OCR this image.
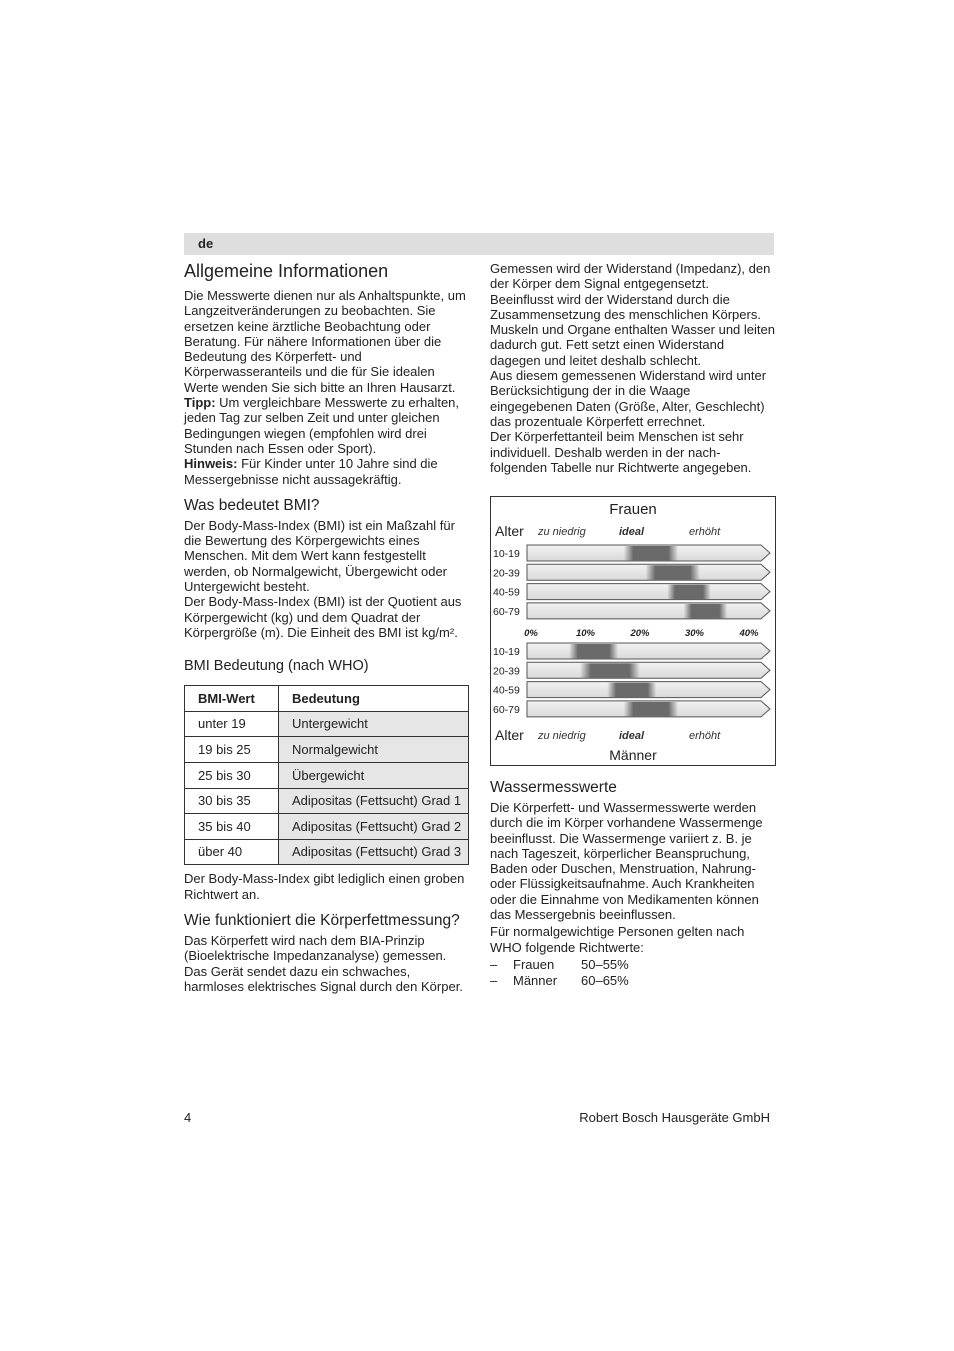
de
Allgemeine Informationen

Die Messwerte dienen nur als Anhaltspunkte, um Langzeitveränderungen zu beobachten. Sie ersetzen keine ärztliche Beobachtung oder Beratung. Für nähere Informationen über die Bedeutung des Körperfett- und Körperwasseranteils und die für Sie idealen Werte wenden Sie sich bitte an Ihren Hausarzt.

Tipp: Um vergleichbare Messwerte zu erhalten, jeden Tag zur selben Zeit und unter gleichen Bedingungen wiegen (empfohlen wird drei Stunden nach Essen oder Sport).

Hinweis: Für Kinder unter 10 Jahre sind die Messergebnisse nicht aussagekräftig.

Was bedeutet BMI?

Der Body-Mass-Index (BMI) ist ein Maßzahl für die Bewertung des Körpergewichts eines Menschen. Mit dem Wert kann festgestellt werden, ob Normalgewicht, Übergewicht oder Untergewicht besteht.

Der Body-Mass-Index (BMI) ist der Quotient aus Körpergewicht (kg) und dem Quadrat der Körpergröße (m). Die Einheit des BMI ist kg/m².

BMI Bedeutung (nach WHO)
BMI-Wert	Bedeutung
unter 19	Untergewicht
19 bis 25	Normalgewicht
25 bis 30	Übergewicht
30 bis 35	Adipositas (Fettsucht) Grad 1
35 bis 40	Adipositas (Fettsucht) Grad 2
über 40	Adipositas (Fettsucht) Grad 3

Der Body-Mass-Index gibt lediglich einen groben Richtwert an.

Wie funktioniert die Körperfettmessung?

Das Körperfett wird nach dem BIA-Prinzip (Bioelektrische Impedanzanalyse) gemessen. Das Gerät sendet dazu ein schwaches, harmloses elektrisches Signal durch den Körper.

Gemessen wird der Widerstand (Impedanz), den der Körper dem Signal entgegensetzt. Beeinflusst wird der Widerstand durch die Zusammensetzung des menschlichen Körpers.

Muskeln und Organe enthalten Wasser und leiten dadurch gut. Fett setzt einen Widerstand dagegen und leitet deshalb schlecht.

Aus diesem gemessenen Widerstand wird unter Berücksichtigung der in die Waage eingegebenen Daten (Größe, Alter, Geschlecht) das prozentuale Körperfett errechnet.

Der Körperfettanteil beim Menschen ist sehr individuell. Deshalb werden in der nach-folgenden Tabelle nur Richtwerte angegeben.

Frauen
Männer
Alter zu niedrig	ideal	erhöht
Alter zu niedrig	ideal	erhöht
10-19
20-39
40-59
60-79
10-19
20-39
40-59
60-79
0%	10%	20%	30%	40%
Wassermesswerte

Die Körperfett- und Wassermesswerte werden durch die im Körper vorhandene Wassermenge beeinflusst. Die Wassermenge variiert z. B. je nach Tageszeit, körperlicher Beanspruchung, Baden oder Duschen, Menstruation, Nahrung- oder Flüssigkeitsaufnahme. Auch Krankheiten oder die Einnahme von Medikamenten können das Messergebnis beeinflussen.

Für normalgewichtige Personen gelten nach WHO folgende Richtwerte:

– Frauen 50–55%
– Männer 60–65%
4	Robert Bosch Hausgeräte GmbH
